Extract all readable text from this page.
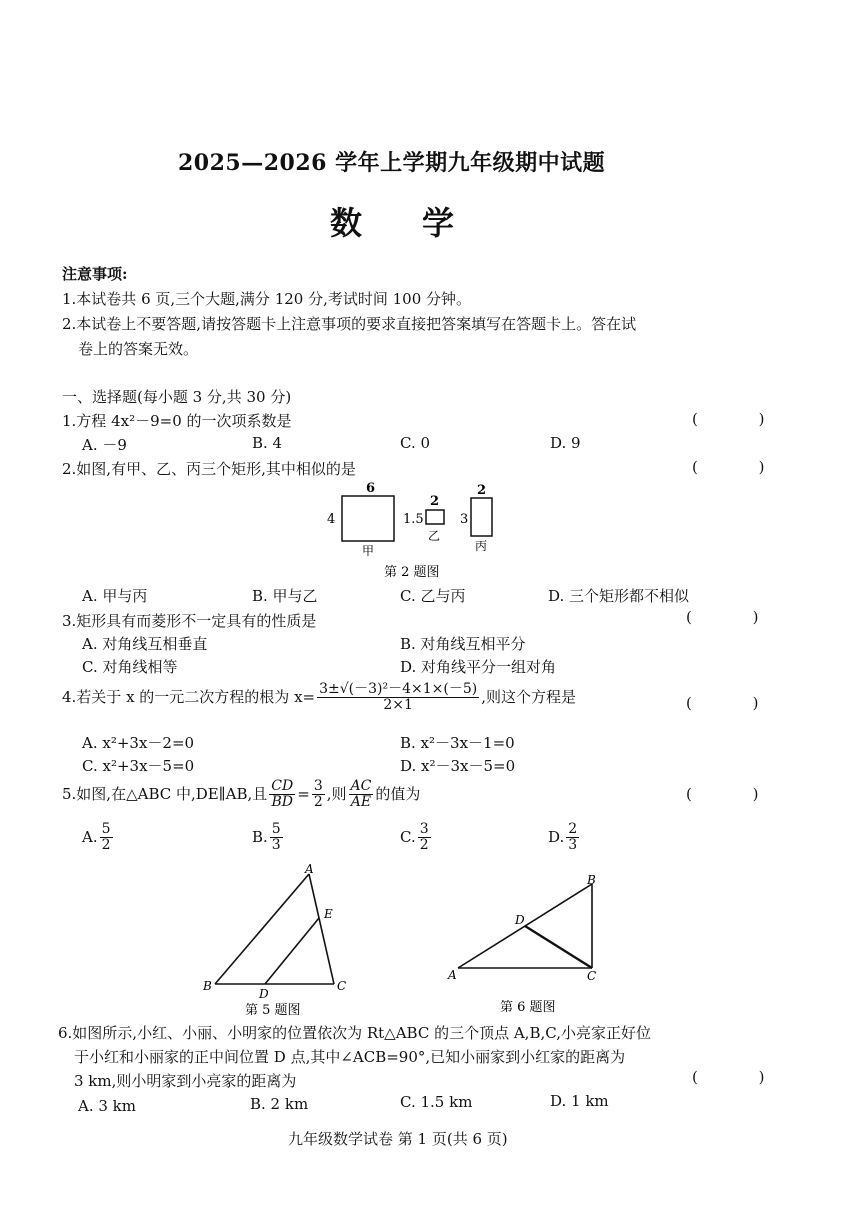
2025—2026 学年上学期九年级期中试题
数学
注意事项:
1.本试卷共 6 页,三个大题,满分 120 分,考试时间 100 分钟。
2.本试卷上不要答题,请按答题卡上注意事项的要求直接把答案填写在答题卡上。答在试
卷上的答案无效。
一、选择题(每小题 3 分,共 30 分)
1.方程 4x²－9=0 的一次项系数是	( )
A. －9	B. 4	C. 0	D. 9
2.如图,有甲、乙、丙三个矩形,其中相似的是	( )
6
4
甲
2
1.5
乙
2
3
丙
第 2 题图
A. 甲与丙	B. 甲与乙	C. 乙与丙	D. 三个矩形都不相似
3.矩形具有而菱形不一定具有的性质是	( )
A. 对角线互相垂直	B. 对角线互相平分
C. 对角线相等	D. 对角线平分一组对角
4.若关于 x 的一元二次方程的根为 $x= \frac{\text{3±√(－3)²－4×1×(－5)}}{2\times 1}$ ,则这个方程是	( )
A. x²+3x－2=0	B. x²－3x－1=0
C. x²+3x－5=0	D. x²－3x－5=0
5.如图,在△ABC 中,DE∥AB,且 $\frac{CD}{BD} = \frac{3}{2}$ ,则 $\frac{AC}{AE}$ 的值为	( )
A. $\frac{5}{2}$	B. $\frac{5}{3}$	C. $\frac{3}{2}$	D. $\frac{2}{3}$
A
E
B
D
C
第 5 题图
B
D
A	C
第 6 题图
6.如图所示,小红、小丽、小明家的位置依次为 Rt△ABC 的三个顶点 A,B,C,小亮家正好位
于小红和小丽家的正中间位置 D 点,其中∠ACB=90°,已知小丽家到小红家的距离为
3 km,则小明家到小亮家的距离为	( )
A. 3 km	B. 2 km	C. 1.5 km	D. 1 km
九年级数学试卷 第 1 页(共 6 页)
